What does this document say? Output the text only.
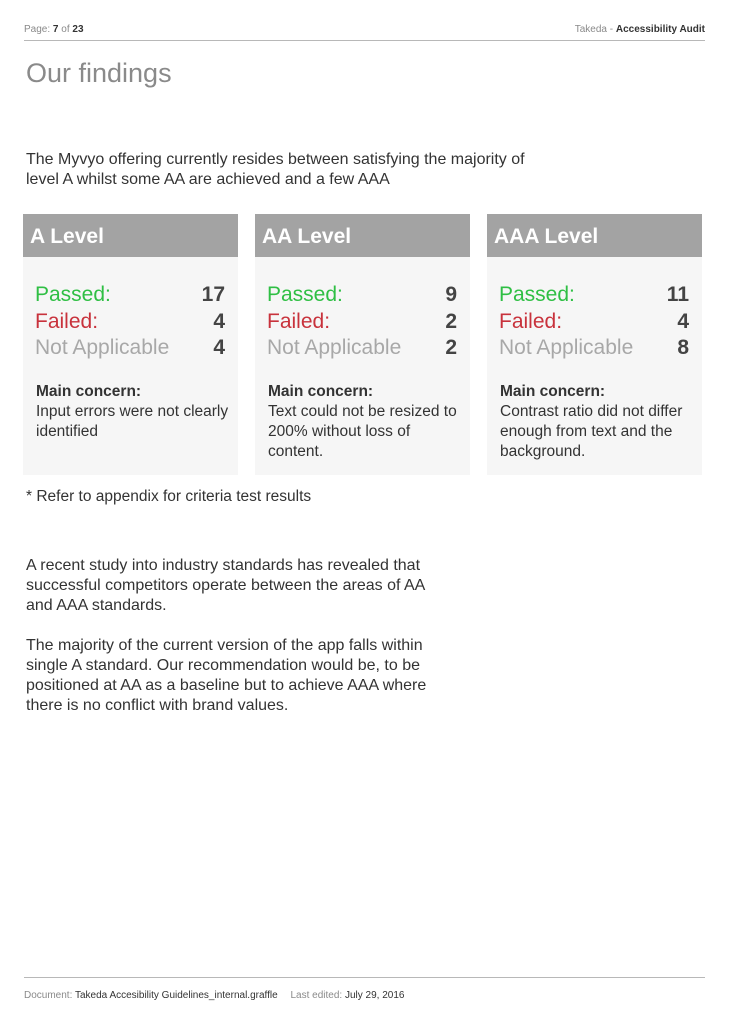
Page: 7 of 23	Takeda - Accessibility Audit
Our findings

The Myvyo offering currently resides between satisfying the majority of level A whilst some AA are achieved and a few AAA

A Level
Passed:	17
Failed:	4
Not Applicable 4
Main concern:
Input errors were not clearly identified
AA Level
Passed:	9
Failed:	2
Not Applicable 2
Main concern:
Text could not be resized to 200% without loss of content.
AAA Level
Passed:	11
Failed:	4
Not Applicable 8
Main concern:
Contrast ratio did not differ enough from text and the background.
* Refer to appendix for criteria test results

A recent study into industry standards has revealed that successful competitors operate between the areas of AA and AAA standards.

The majority of the current version of the app falls within single A standard. Our recommendation would be, to be positioned at AA as a baseline but to achieve AAA where there is no conflict with brand values.

Document: Takeda Accesibility Guidelines_internal.graffle Last edited: July 29, 2016
